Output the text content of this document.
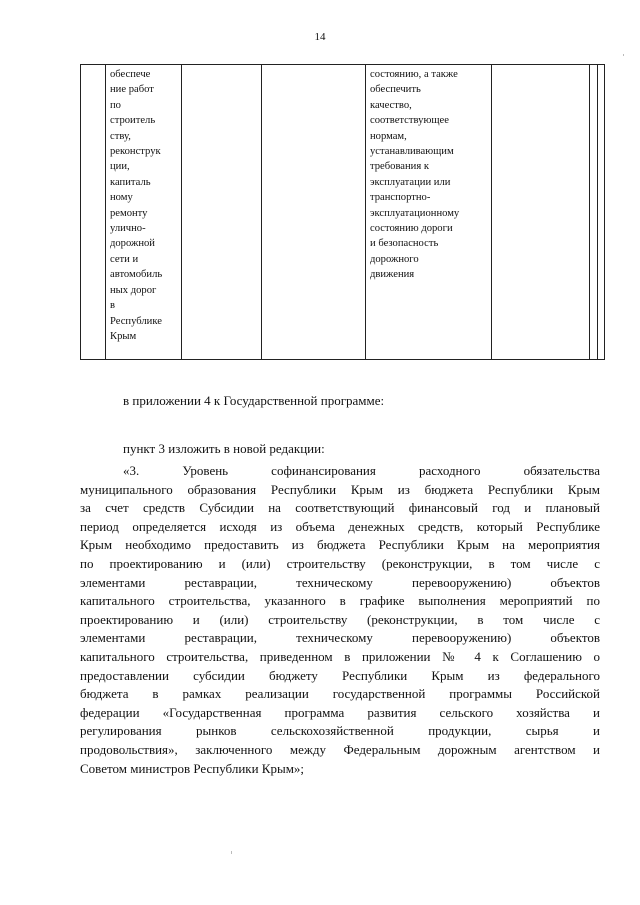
14
обеспече
ние работ
по
строитель
ству,
реконструк
ции,
капиталь
ному
ремонту
улично-
дорожной
сети и
автомобиль
ных дорог
в
Республике
Крым
состоянию, а также
обеспечить
качество,
соответствующее
нормам,
устанавливающим
требования к
эксплуатации или
транспортно-
эксплуатационному
состоянию дороги
и безопасность
дорожного
движения
в приложении 4 к Государственной программе:
пункт 3 изложить в новой редакции:
«3. Уровень софинансирования расходного обязательства
муниципального образования Республики Крым из бюджета Республики Крым
за счет средств Субсидии на соответствующий финансовый год и плановый
период определяется исходя из объема денежных средств, который Республике
Крым необходимо предоставить из бюджета Республики Крым на мероприятия
по проектированию и (или) строительству (реконструкции, в том числе с
элементами реставрации, техническому перевооружению) объектов
капитального строительства, указанного в графике выполнения мероприятий по
проектированию и (или) строительству (реконструкции, в том числе с
элементами реставрации, техническому перевооружению) объектов
капитального строительства, приведенном в приложении № 4 к Соглашению о
предоставлении субсидии бюджету Республики Крым из федерального
бюджета в рамках реализации государственной программы Российской
федерации «Государственная программа развития сельского хозяйства и
регулирования рынков сельскохозяйственной продукции, сырья и
продовольствия», заключенного между Федеральным дорожным агентством и
Советом министров Республики Крым»;
